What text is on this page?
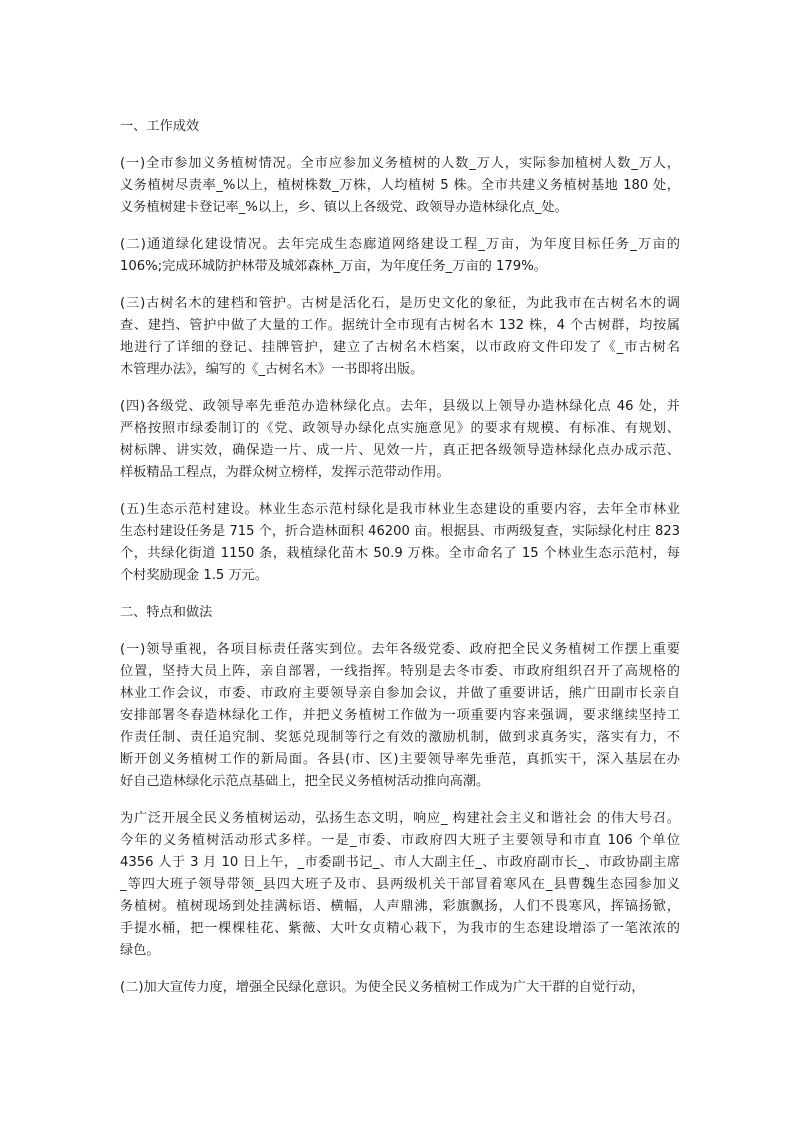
一、工作成效
(一)全市参加义务植树情况。全市应参加义务植树的人数_万人，实际参加植树人数_万人，
义务植树尽责率_%以上，植树株数_万株，人均植树 5 株。全市共建义务植树基地 180 处，
义务植树建卡登记率_%以上，乡、镇以上各级党、政领导办造林绿化点_处。
(二)通道绿化建设情况。去年完成生态廊道网络建设工程_万亩，为年度目标任务_万亩的
106%;完成环城防护林带及城郊森林_万亩，为年度任务_万亩的 179%。
(三)古树名木的建档和管护。古树是活化石，是历史文化的象征，为此我市在古树名木的调
查、建挡、管护中做了大量的工作。据统计全市现有古树名木 132 株，4 个古树群，均按属
地进行了详细的登记、挂牌管护，建立了古树名木档案，以市政府文件印发了《_市古树名
木管理办法》，编写的《_古树名木》一书即将出版。
(四)各级党、政领导率先垂范办造林绿化点。去年，县级以上领导办造林绿化点 46 处，并
严格按照市绿委制订的《党、政领导办绿化点实施意见》的要求有规模、有标准、有规划、
树标牌、讲实效，确保造一片、成一片、见效一片，真正把各级领导造林绿化点办成示范、
样板精品工程点，为群众树立榜样，发挥示范带动作用。
(五)生态示范村建设。林业生态示范村绿化是我市林业生态建设的重要内容，去年全市林业
生态村建设任务是 715 个，折合造林面积 46200 亩。根据县、市两级复查，实际绿化村庄 823
个，共绿化街道 1150 条，栽植绿化苗木 50.9 万株。全市命名了 15 个林业生态示范村，每
个村奖励现金 1.5 万元。
二、特点和做法
(一)领导重视，各项目标责任落实到位。去年各级党委、政府把全民义务植树工作摆上重要
位置，坚持大员上阵，亲自部署，一线指挥。特别是去冬市委、市政府组织召开了高规格的
林业工作会议，市委、市政府主要领导亲自参加会议，并做了重要讲话，熊广田副市长亲自
安排部署冬春造林绿化工作，并把义务植树工作做为一项重要内容来强调，要求继续坚持工
作责任制、责任追究制、奖惩兑现制等行之有效的激励机制，做到求真务实，落实有力，不
断开创义务植树工作的新局面。各县(市、区)主要领导率先垂范，真抓实干，深入基层在办
好自己造林绿化示范点基础上，把全民义务植树活动推向高潮。
为广泛开展全民义务植树运动，弘扬生态文明，响应_ 构建社会主义和谐社会 的伟大号召。
今年的义务植树活动形式多样。一是_市委、市政府四大班子主要领导和市直 106 个单位
4356 人于 3 月 10 日上午，_市委副书记_、市人大副主任_、市政府副市长_、市政协副主席
_等四大班子领导带领_县四大班子及市、县两级机关干部冒着寒风在_县曹魏生态园参加义
务植树。植树现场到处挂满标语、横幅，人声鼎沸，彩旗飘扬，人们不畏寒风，挥镐扬锨，
手提水桶，把一棵棵桂花、紫薇、大叶女贞精心栽下，为我市的生态建设增添了一笔浓浓的
绿色。
(二)加大宣传力度，增强全民绿化意识。为使全民义务植树工作成为广大干群的自觉行动，
